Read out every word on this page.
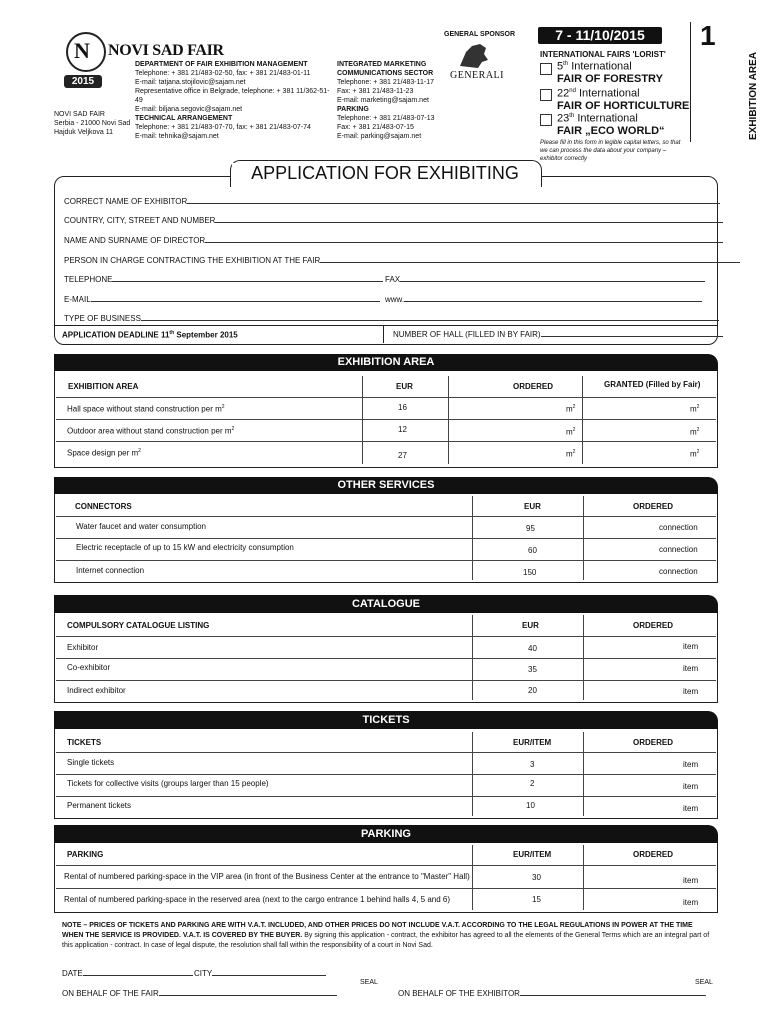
N
2015
NOVI SAD FAIR
NOVI SAD FAIR
Serbia - 21000 Novi Sad
Hajduk Veljkova 11
DEPARTMENT OF FAIR EXHIBITION MANAGEMENT
Telephone: + 381 21/483-02-50, fax: + 381 21/483-01-11
E-mail: tatjana.stojilovic@sajam.net
Representative office in Belgrade, telephone: + 381 11/362-51-49
E-mail: biljana.segovic@sajam.net
TECHNICAL ARRANGEMENT
Telephone: + 381 21/483-07-70, fax: + 381 21/483-07-74
E-mail: tehnika@sajam.net
INTEGRATED MARKETING COMMUNICATIONS SECTOR
Telephone: + 381 21/483-11-17
Fax: + 381 21/483-11-23
E-mail: marketing@sajam.net
PARKING
Telephone: + 381 21/483-07-13
Fax: + 381 21/483-07-15
E-mail: parking@sajam.net
GENERAL SPONSOR
GENERALI
7 - 11/10/2015	1
INTERNATIONAL FAIRS 'LORIST'
5th International
FAIR OF FORESTRY
22nd International
FAIR OF HORTICULTURE
23th International
FAIR „ECO WORLD“
Please fill in this form in legible capital letters, so that we can process the data about your company – exhibitor correctly
EXHIBITION AREA
APPLICATION FOR EXHIBITING
CORRECT NAME OF EXHIBITOR
COUNTRY, CITY, STREET AND NUMBER
NAME AND SURNAME OF DIRECTOR
PERSON IN CHARGE CONTRACTING THE EXHIBITION AT THE FAIR
TELEPHONE	FAX
E-MAIL	www.
TYPE OF BUSINESS
APPLICATION DEADLINE 11th September 2015	NUMBER OF HALL (FILLED IN BY FAIR)
EXHIBITION AREA
EXHIBITION AREA	EUR	ORDERED	GRANTED (Filled by Fair)
Hall space without stand construction per $m^2$	16	$m^2$	$m^2$
Outdoor area without stand construction per $m^2$	12	$m^2$	$m^2$
Space design per $m^2$	27	$m^2$	$m^2$
OTHER SERVICES
CONNECTORS	EUR	ORDERED
Water faucet and water consumption	95	connection
Electric receptacle of up to 15 kW and electricity consumption	60	connection
Internet connection	150	connection
CATALOGUE
COMPULSORY CATALOGUE LISTING	EUR	ORDERED
Exhibitor	40	item
Co-exhibitor	35	item
Indirect exhibitor	20	item
TICKETS
TICKETS	EUR/ITEM	ORDERED
Single tickets	3	item
Tickets for collective visits (groups larger than 15 people)	2	item
Permanent tickets	10	item
PARKING
PARKING	EUR/ITEM	ORDERED
Rental of numbered parking-space in the VIP area (in front of the Business Center at the entrance to "Master" Hall)	30	item
Rental of numbered parking-space in the reserved area (next to the cargo entrance 1 behind halls 4, 5 and 6)	15	item
NOTE – PRICES OF TICKETS AND PARKING ARE WITH V.A.T. INCLUDED, AND OTHER PRICES DO NOT INCLUDE V.A.T. ACCORDING TO THE LEGAL REGULATIONS IN POWER AT THE TIME WHEN THE SERVICE IS PROVIDED. V.A.T. IS COVERED BY THE BUYER. By signing this application - contract, the exhibitor has agreed to all the elements of the General Terms which are an integral part of this application - contract. In case of legal dispute, the resolution shall fall within the responsibility of a court in Novi Sad.
DATE	CITY
SEAL	SEAL
ON BEHALF OF THE FAIR	ON BEHALF OF THE EXHIBITOR
